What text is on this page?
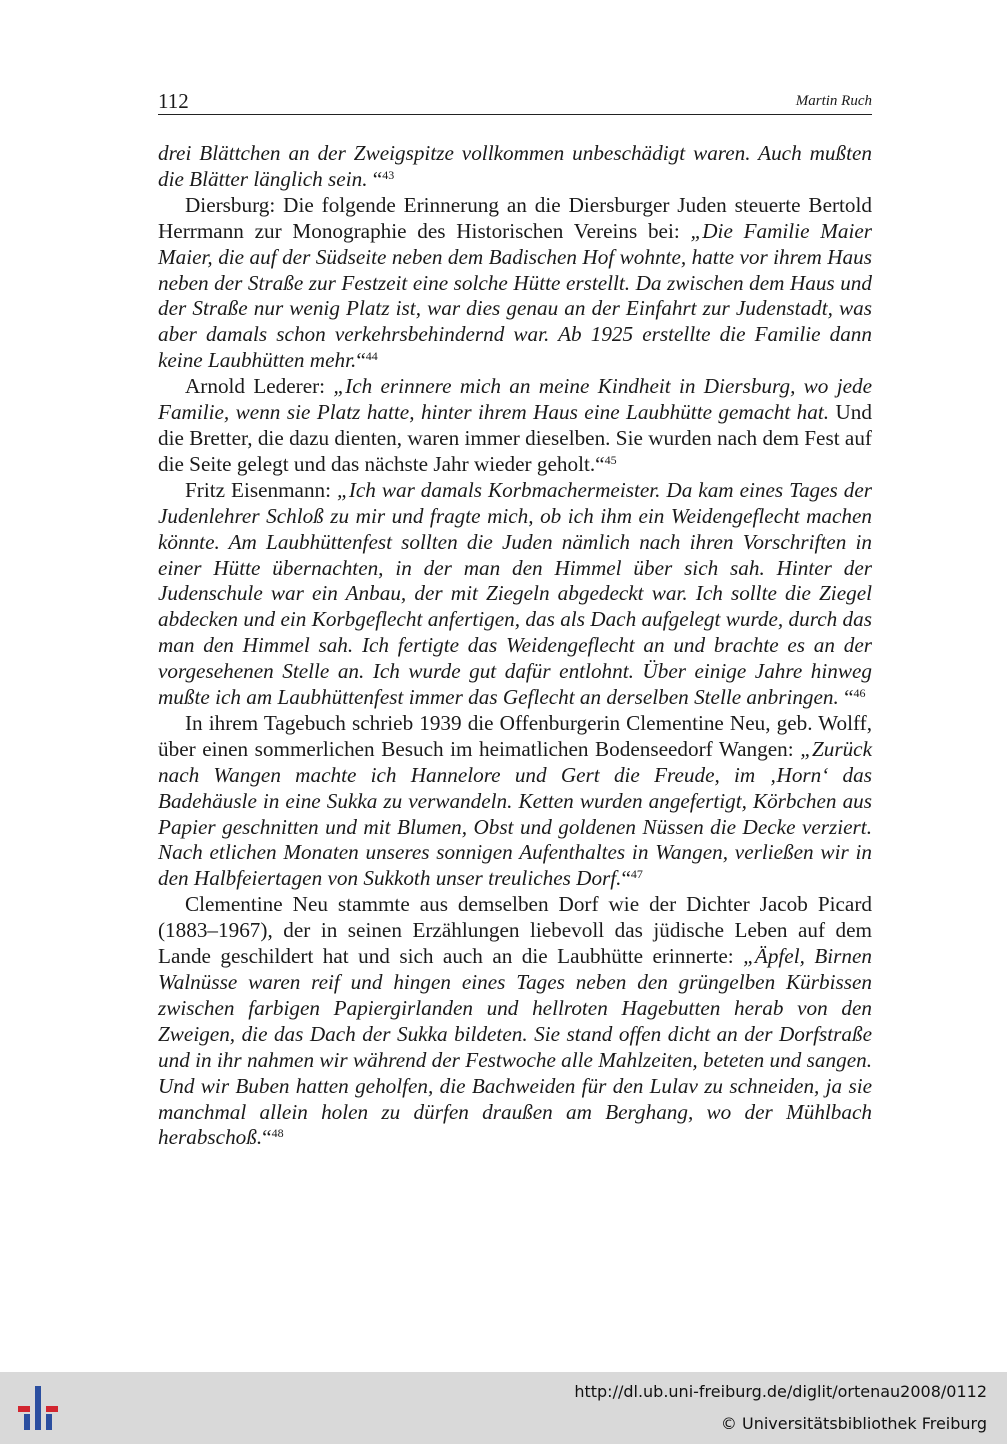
112	Martin Ruch

drei Blättchen an der Zweigspitze vollkommen unbeschädigt waren. Auch mußten die Blätter länglich sein. “$^{43}$

Diersburg: Die folgende Erinnerung an die Diersburger Juden steuerte Bertold Herrmann zur Monographie des Historischen Vereins bei: „Die Familie Maier Maier, die auf der Südseite neben dem Badischen Hof wohnte, hatte vor ihrem Haus neben der Straße zur Festzeit eine solche Hütte erstellt. Da zwischen dem Haus und der Straße nur wenig Platz ist, war dies genau an der Einfahrt zur Judenstadt, was aber damals schon verkehrsbehindernd war. Ab 1925 erstellte die Familie dann keine Laubhütten mehr.“$^{44}$

Arnold Lederer: „Ich erinnere mich an meine Kindheit in Diersburg, wo jede Familie, wenn sie Platz hatte, hinter ihrem Haus eine Laubhütte gemacht hat. Und die Bretter, die dazu dienten, waren immer dieselben. Sie wurden nach dem Fest auf die Seite gelegt und das nächste Jahr wieder geholt.“$^{45}$

Fritz Eisenmann: „Ich war damals Korbmachermeister. Da kam eines Tages der Judenlehrer Schloß zu mir und fragte mich, ob ich ihm ein Weidengeflecht machen könnte. Am Laubhüttenfest sollten die Juden nämlich nach ihren Vorschriften in einer Hütte übernachten, in der man den Himmel über sich sah. Hinter der Judenschule war ein Anbau, der mit Ziegeln abgedeckt war. Ich sollte die Ziegel abdecken und ein Korbgeflecht anfertigen, das als Dach aufgelegt wurde, durch das man den Himmel sah. Ich fertigte das Weidengeflecht an und brachte es an der vorgesehenen Stelle an. Ich wurde gut dafür entlohnt. Über einige Jahre hinweg mußte ich am Laubhüttenfest immer das Geflecht an derselben Stelle anbringen. “$^{46}$

In ihrem Tagebuch schrieb 1939 die Offenburgerin Clementine Neu, geb. Wolff, über einen sommerlichen Besuch im heimatlichen Bodenseedorf Wangen: „Zurück nach Wangen machte ich Hannelore und Gert die Freude, im ‚Horn‘ das Badehäusle in eine Sukka zu verwandeln. Ketten wurden angefertigt, Körbchen aus Papier geschnitten und mit Blumen, Obst und goldenen Nüssen die Decke verziert. Nach etlichen Monaten unseres sonnigen Aufenthaltes in Wangen, verließen wir in den Halbfeiertagen von Sukkoth unser treuliches Dorf.“$^{47}$

Clementine Neu stammte aus demselben Dorf wie der Dichter Jacob Picard (1883–1967), der in seinen Erzählungen liebevoll das jüdische Leben auf dem Lande geschildert hat und sich auch an die Laubhütte erinnerte: „Äpfel, Birnen Walnüsse waren reif und hingen eines Tages neben den grüngelben Kürbissen zwischen farbigen Papiergirlanden und hellroten Hagebutten herab von den Zweigen, die das Dach der Sukka bildeten. Sie stand offen dicht an der Dorfstraße und in ihr nahmen wir während der Festwoche alle Mahlzeiten, beteten und sangen. Und wir Buben hatten geholfen, die Bachweiden für den Lulav zu schneiden, ja sie manchmal allein holen zu dürfen draußen am Berghang, wo der Mühlbach herabschoß.“$^{48}$

http://dl.ub.uni-freiburg.de/diglit/ortenau2008/0112
© Universitätsbibliothek Freiburg
